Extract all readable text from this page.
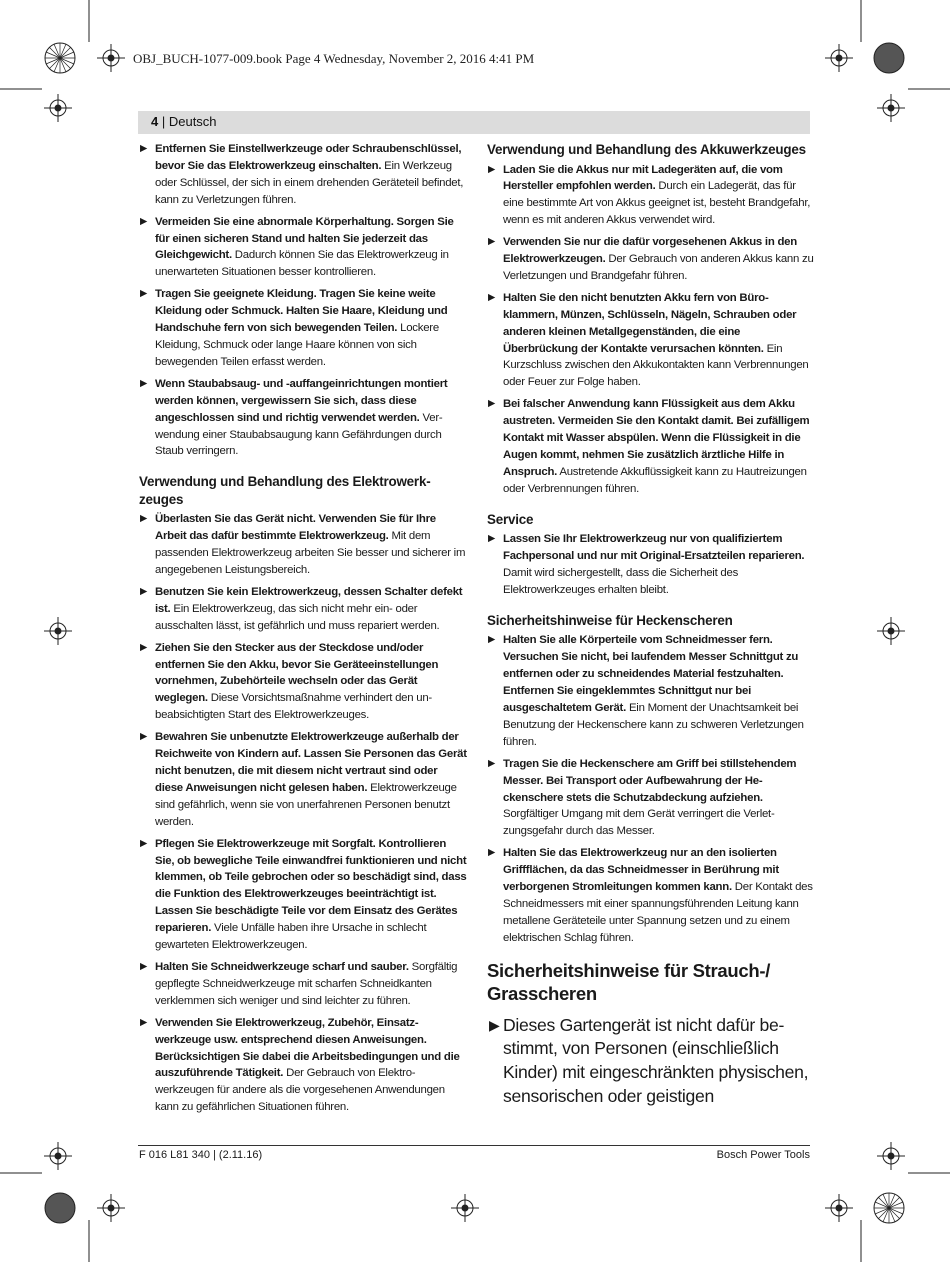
OBJ_BUCH-1077-009.book Page 4 Wednesday, November 2, 2016 4:41 PM
4 | Deutsch
▶ Entfernen Sie Einstellwerkzeuge oder Schraubenschlüssel, bevor Sie das Elektrowerkzeug einschalten. Ein Werkzeug oder Schlüssel, der sich in einem drehenden Geräteteil befindet, kann zu Verletzungen führen.
▶ Vermeiden Sie eine abnormale Körperhaltung. Sorgen Sie für einen sicheren Stand und halten Sie jederzeit das Gleichgewicht. Dadurch können Sie das Elektrowerkzeug in unerwarteten Situationen besser kontrollieren.
▶ Tragen Sie geeignete Kleidung. Tragen Sie keine weite Kleidung oder Schmuck. Halten Sie Haare, Kleidung und Handschuhe fern von sich bewegenden Teilen. Lockere Kleidung, Schmuck oder lange Haare können von sich bewegenden Teilen erfasst werden.
▶ Wenn Staubabsaug- und -auffangeinrichtungen montiert werden können, vergewissern Sie sich, dass diese angeschlossen sind und richtig verwendet werden. Verwendung einer Staubabsaugung kann Gefährdungen durch Staub verringern.
Verwendung und Behandlung des Elektrowerkzeuges
▶ Überlasten Sie das Gerät nicht. Verwenden Sie für Ihre Arbeit das dafür bestimmte Elektrowerkzeug. Mit dem passenden Elektrowerkzeug arbeiten Sie besser und sicherer im angegebenen Leistungsbereich.
▶ Benutzen Sie kein Elektrowerkzeug, dessen Schalter defekt ist. Ein Elektrowerkzeug, das sich nicht mehr ein- oder ausschalten lässt, ist gefährlich und muss repariert werden.
▶ Ziehen Sie den Stecker aus der Steckdose und/oder entfernen Sie den Akku, bevor Sie Geräteeinstellungen vornehmen, Zubehörteile wechseln oder das Gerät weglegen. Diese Vorsichtsmaßnahme verhindert den unbeabsichtigten Start des Elektrowerkzeuges.
▶ Bewahren Sie unbenutzte Elektrowerkzeuge außerhalb der Reichweite von Kindern auf. Lassen Sie Personen das Gerät nicht benutzen, die mit diesem nicht vertraut sind oder diese Anweisungen nicht gelesen haben. Elektrowerkzeuge sind gefährlich, wenn sie von unerfahrenen Personen benutzt werden.
▶ Pflegen Sie Elektrowerkzeuge mit Sorgfalt. Kontrollieren Sie, ob bewegliche Teile einwandfrei funktionieren und nicht klemmen, ob Teile gebrochen oder so beschädigt sind, dass die Funktion des Elektrowerkzeuges beeinträchtigt ist. Lassen Sie beschädigte Teile vor dem Einsatz des Gerätes reparieren. Viele Unfälle haben ihre Ursache in schlecht gewarteten Elektrowerkzeugen.
▶ Halten Sie Schneidwerkzeuge scharf und sauber. Sorgfältig gepflegte Schneidwerkzeuge mit scharfen Schneidkanten verklemmen sich weniger und sind leichter zu führen.
▶ Verwenden Sie Elektrowerkzeug, Zubehör, Einsatzwerkzeuge usw. entsprechend diesen Anweisungen. Berücksichtigen Sie dabei die Arbeitsbedingungen und die auszuführende Tätigkeit. Der Gebrauch von Elektrowerkzeugen für andere als die vorgesehenen Anwendungen kann zu gefährlichen Situationen führen.
Verwendung und Behandlung des Akkuwerkzeuges
▶ Laden Sie die Akkus nur mit Ladegeräten auf, die vom Hersteller empfohlen werden. Durch ein Ladegerät, das für eine bestimmte Art von Akkus geeignet ist, besteht Brandgefahr, wenn es mit anderen Akkus verwendet wird.
▶ Verwenden Sie nur die dafür vorgesehenen Akkus in den Elektrowerkzeugen. Der Gebrauch von anderen Akkus kann zu Verletzungen und Brandgefahr führen.
▶ Halten Sie den nicht benutzten Akku fern von Büroklammern, Münzen, Schlüsseln, Nägeln, Schrauben oder anderen kleinen Metallgegenständen, die eine Überbrückung der Kontakte verursachen könnten. Ein Kurzschluss zwischen den Akkukontakten kann Verbrennungen oder Feuer zur Folge haben.
▶ Bei falscher Anwendung kann Flüssigkeit aus dem Akku austreten. Vermeiden Sie den Kontakt damit. Bei zufälligem Kontakt mit Wasser abspülen. Wenn die Flüssigkeit in die Augen kommt, nehmen Sie zusätzlich ärztliche Hilfe in Anspruch. Austretende Akkuflüssigkeit kann zu Hautreizungen oder Verbrennungen führen.
Service
▶ Lassen Sie Ihr Elektrowerkzeug nur von qualifiziertem Fachpersonal und nur mit Original-Ersatzteilen reparieren. Damit wird sichergestellt, dass die Sicherheit des Elektrowerkzeuges erhalten bleibt.
Sicherheitshinweise für Heckenscheren
▶ Halten Sie alle Körperteile vom Schneidmesser fern. Versuchen Sie nicht, bei laufendem Messer Schnittgut zu entfernen oder zu schneidendes Material festzuhalten. Entfernen Sie eingeklemmtes Schnittgut nur bei ausgeschaltetem Gerät. Ein Moment der Unachtsamkeit bei Benutzung der Heckenschere kann zu schweren Verletzungen führen.
▶ Tragen Sie die Heckenschere am Griff bei stillstehendem Messer. Bei Transport oder Aufbewahrung der Heckenschere stets die Schutzabdeckung aufziehen. Sorgfältiger Umgang mit dem Gerät verringert die Verletzungsgefahr durch das Messer.
▶ Halten Sie das Elektrowerkzeug nur an den isolierten Griffflächen, da das Schneidmesser in Berührung mit verborgenen Stromleitungen kommen kann. Der Kontakt des Schneidmessers mit einer spannungsführenden Leitung kann metallene Geräteteile unter Spannung setzen und zu einem elektrischen Schlag führen.
Sicherheitshinweise für Strauch-/ Grasscheren
▶ Dieses Gartengerät ist nicht dafür bestimmt, von Personen (einschließlich Kinder) mit eingeschränkten physischen, sensorischen oder geistigen
F 016 L81 340 | (2.11.16)	Bosch Power Tools
